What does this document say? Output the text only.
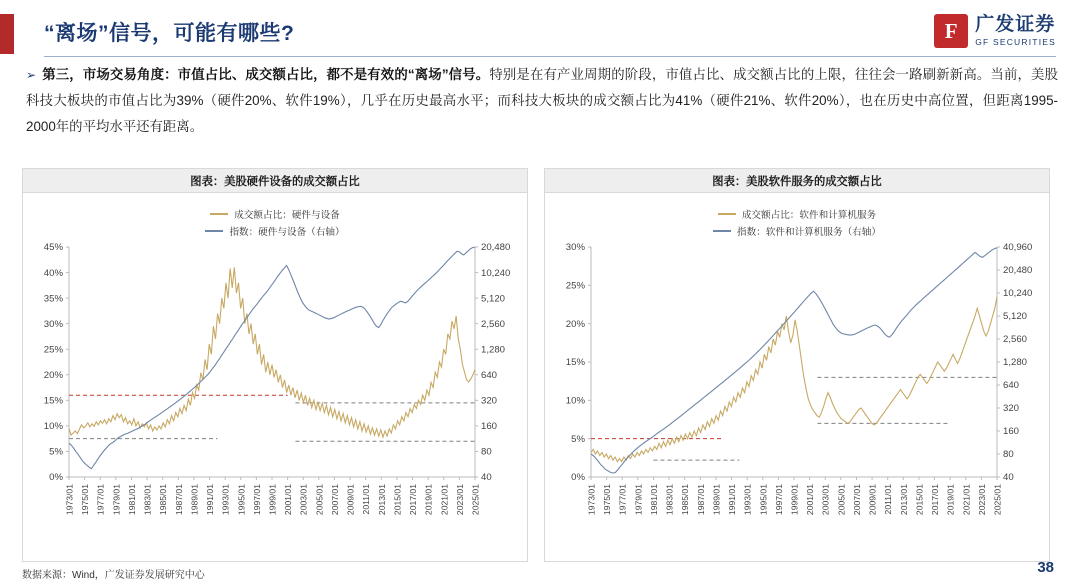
“离场”信号，可能有哪些?	F 广发证券
GF SECURITIES
➢ 第三，市场交易角度：市值占比、成交额占比，都不是有效的“离场”信号。特别是在有产业周期的阶段，市值占比、成交额占比的上限，往往会一路刷新新高。当前，美股科技大板块的市值占比为39%（硬件20%、软件19%），几乎在历史最高水平；而科技大板块的成交额占比为41%（硬件21%、软件20%），也在历史中高位置，但距离1995-2000年的平均水平还有距离。
图表：美股硬件设备的成交额占比
成交额占比：硬件与设备
指数：硬件与设备（右轴）
0%
5%
10%
15%
20%
25%
30%
35%
40%
45%
40
80
160
320
640
1,280
2,560
5,120
10,240
20,480
1973/01 1975/01 1977/01 1979/01 1981/01 1983/01 1985/01 1987/01 1989/01 1991/01 1993/01 1995/01 1997/01 1999/01 2001/01 2003/01 2005/01 2007/01 2009/01 2011/01 2013/01 2015/01 2017/01 2019/01 2021/01 2023/01 2025/01
图表：美股软件服务的成交额占比
成交额占比：软件和计算机服务
指数：软件和计算机服务（右轴）
0%
5%
10%
15%
20%
25%
30%
40
80
160
320
640
1,280
2,560
5,120
10,240
20,480
40,960
1973/01 1975/01 1977/01 1979/01 1981/01 1983/01 1985/01 1987/01 1989/01 1991/01 1993/01 1995/01 1997/01 1999/01 2001/01 2003/01 2005/01 2007/01 2009/01 2011/01 2013/01 2015/01 2017/01 2019/01 2021/01 2023/01 2025/01
数据来源：Wind，广发证券发展研究中心	38
